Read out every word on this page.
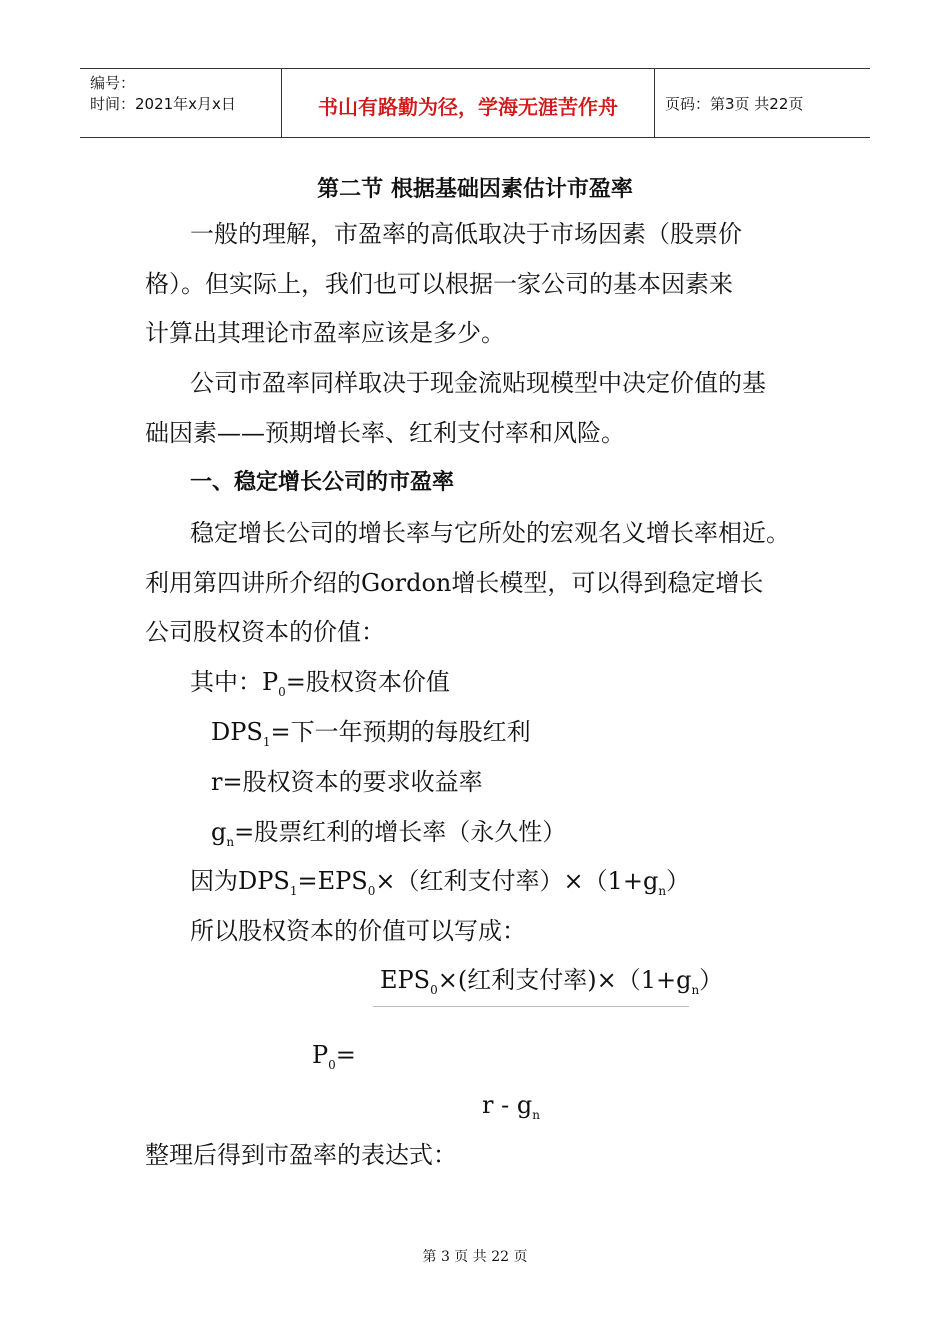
编号：
时间：2021年x月x日	书山有路勤为径，学海无涯苦作舟	页码：第3页 共22页
第二节 根据基础因素估计市盈率
一般的理解，市盈率的高低取决于市场因素（股票价
格）。但实际上，我们也可以根据一家公司的基本因素来
计算出其理论市盈率应该是多少。
公司市盈率同样取决于现金流贴现模型中决定价值的基
础因素——预期增长率、红利支付率和风险。
一、稳定增长公司的市盈率
稳定增长公司的增长率与它所处的宏观名义增长率相近。
利用第四讲所介绍的Gordon增长模型，可以得到稳定增长
公司股权资本的价值：
其中：$P_0=$股权资本价值
$DPS_1=$下一年预期的每股红利
r=股权资本的要求收益率
$g_n=$股票红利的增长率（永久性）
因为$DPS_1=EPS_0\times$（红利支付率）$\times(1+g_n)$
所以股权资本的价值可以写成：
$EPS_0\times$(红利支付率)$\times(1+g_n)$
$P_0=$
r - $g_n$
整理后得到市盈率的表达式：
第 3 页 共 22 页
